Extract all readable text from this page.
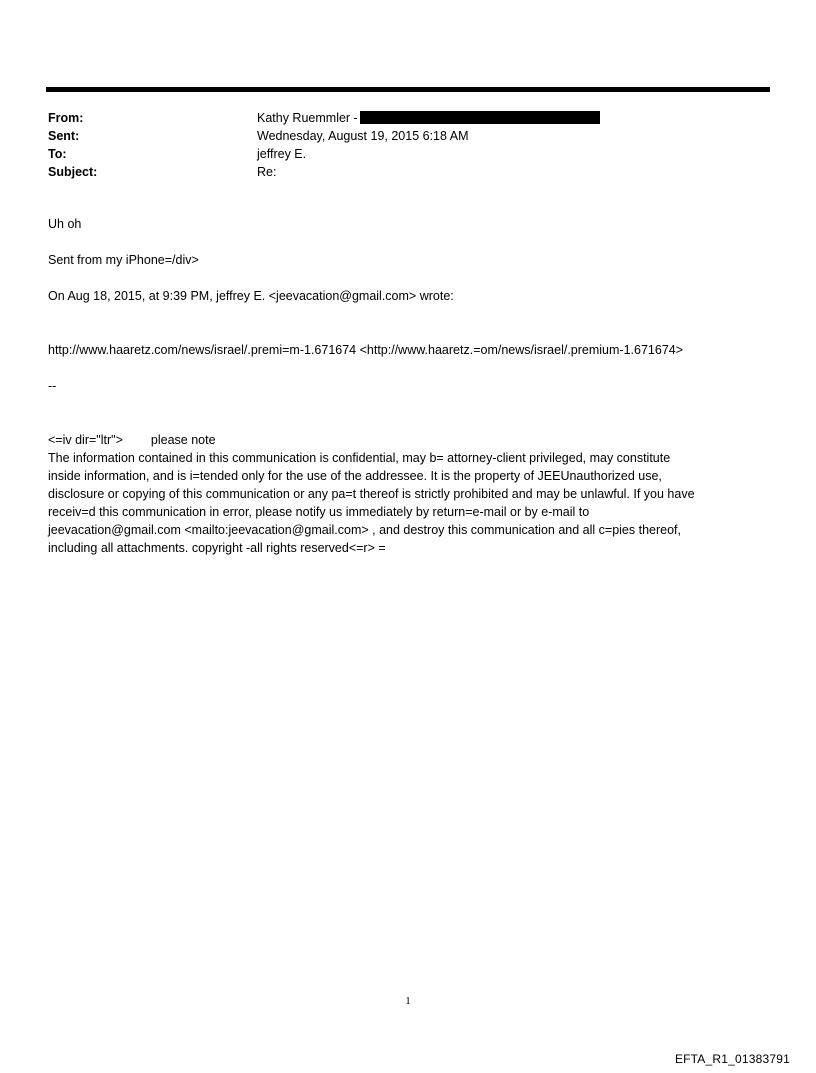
From:	Kathy Ruemmler -
Sent:	Wednesday, August 19, 2015 6:18 AM
To:	jeffrey E.
Subject:	Re:

Uh oh

Sent from my iPhone=/div>

On Aug 18, 2015, at 9:39 PM, jeffrey E. <jeevacation@gmail.com> wrote:

http://www.haaretz.com/news/israel/.premi=m-1.671674 <http://www.haaretz.=om/news/israel/.premium-1.671674>

--

<=iv dir="ltr"> please note

The information contained in this communication is confidential, may b= attorney-client privileged, may constitute

inside information, and is i=tended only for the use of the addressee. It is the property of JEEUnauthorized use,

disclosure or copying of this communication or any pa=t thereof is strictly prohibited and may be unlawful. If you have

receiv=d this communication in error, please notify us immediately by return=e-mail or by e-mail to

jeevacation@gmail.com <mailto:jeevacation@gmail.com> , and destroy this communication and all c=pies thereof,

including all attachments. copyright -all rights reserved<=r> =

1
EFTA_R1_01383791
